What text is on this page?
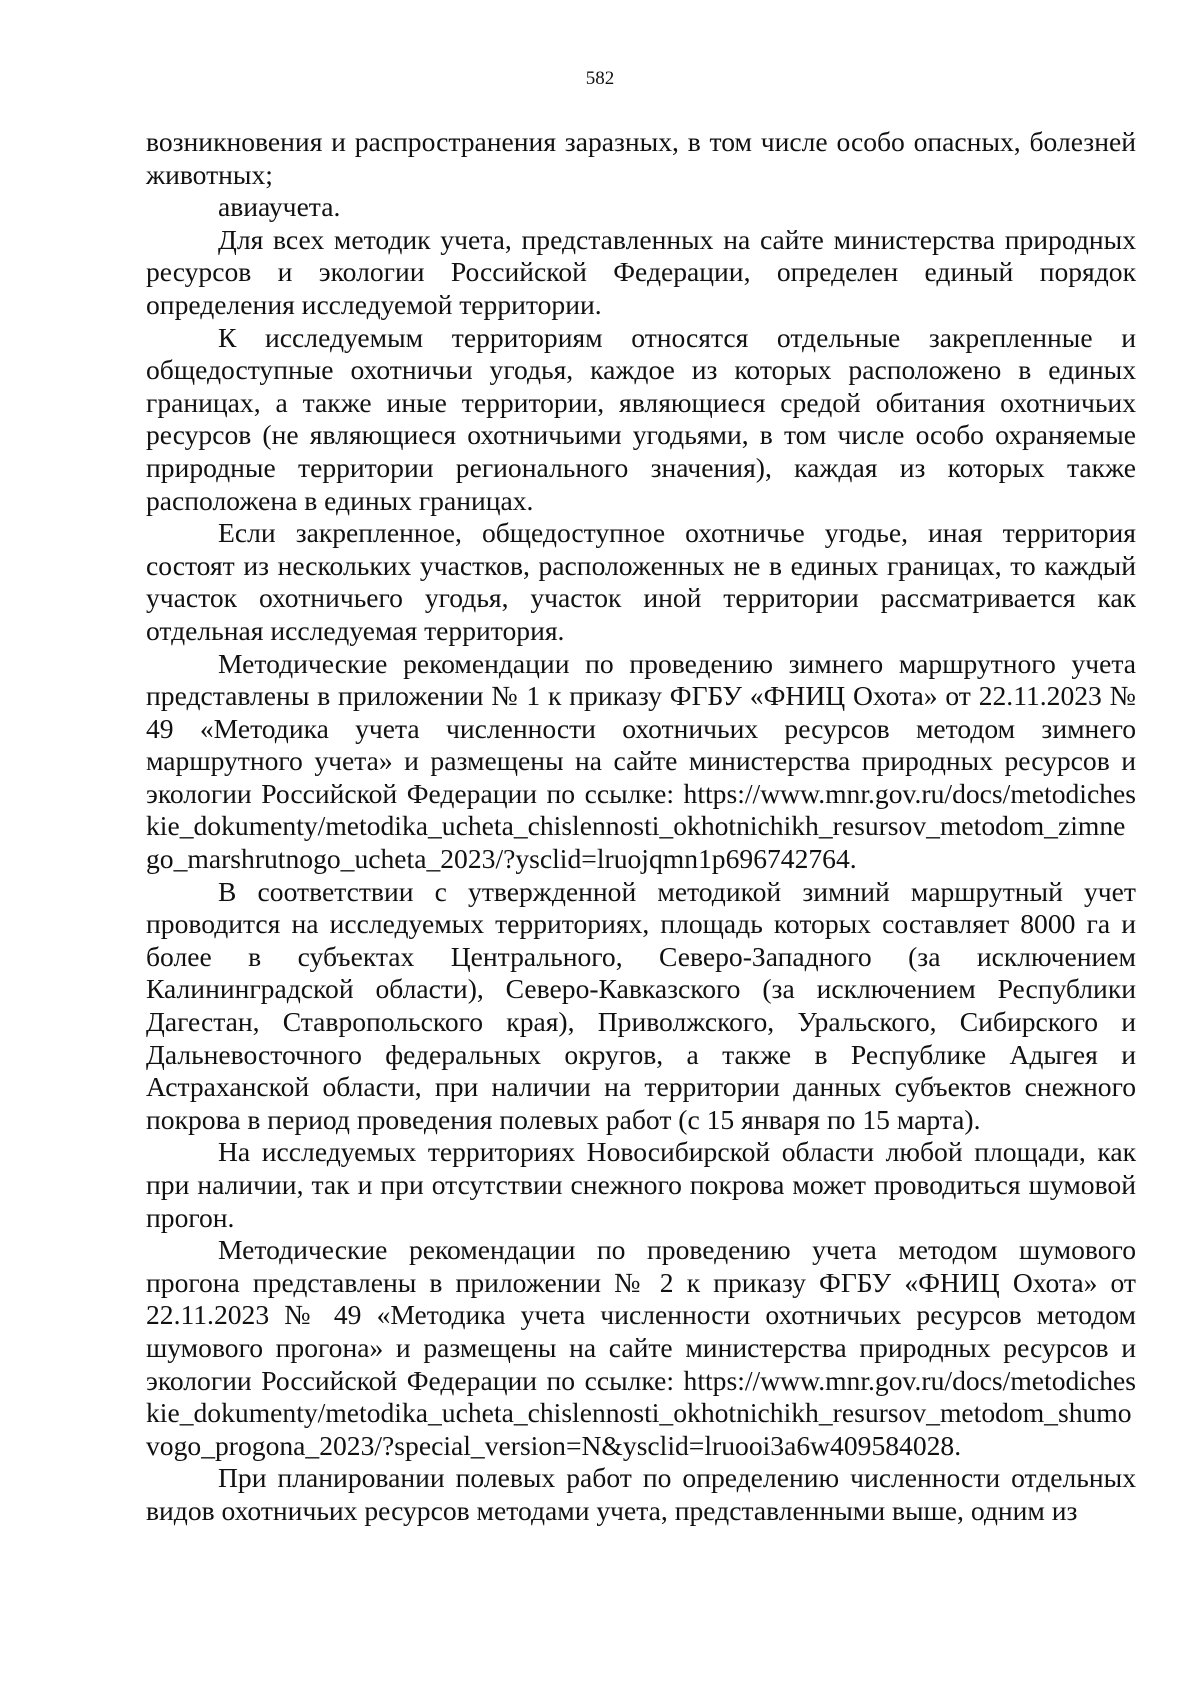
582

возникновения и распространения заразных, в том числе особо опасных, болезней животных;

авиаучета.

Для всех методик учета, представленных на сайте министерства природных ресурсов и экологии Российской Федерации, определен единый порядок определения исследуемой территории.

К исследуемым территориям относятся отдельные закрепленные и общедоступные охотничьи угодья, каждое из которых расположено в единых границах, а также иные территории, являющиеся средой обитания охотничьих ресурсов (не являющиеся охотничьими угодьями, в том числе особо охраняемые природные территории регионального значения), каждая из которых также расположена в единых границах.

Если закрепленное, общедоступное охотничье угодье, иная территория состоят из нескольких участков, расположенных не в единых границах, то каждый участок охотничьего угодья, участок иной территории рассматривается как отдельная исследуемая территория.

Методические рекомендации по проведению зимнего маршрутного учета представлены в приложении № 1 к приказу ФГБУ «ФНИЦ Охота» от 22.11.2023 № 49 «Методика учета численности охотничьих ресурсов методом зимнего маршрутного учета» и размещены на сайте министерства природных ресурсов и экологии Российской Федерации по ссылке: https://www.mnr.gov.ru/docs/metodicheskie_dokumenty/metodika_ucheta_chislennosti_okhotnichikh_resursov_metodom_zimnego_marshrutnogo_ucheta_2023/?ysclid=lruojqmn1p696742764.

В соответствии с утвержденной методикой зимний маршрутный учет проводится на исследуемых территориях, площадь которых составляет 8000 га и более в субъектах Центрального, Северо-Западного (за исключением Калининградской области), Северо-Кавказского (за исключением Республики Дагестан, Ставропольского края), Приволжского, Уральского, Сибирского и Дальневосточного федеральных округов, а также в Республике Адыгея и Астраханской области, при наличии на территории данных субъектов снежного покрова в период проведения полевых работ (с 15 января по 15 марта).

На исследуемых территориях Новосибирской области любой площади, как при наличии, так и при отсутствии снежного покрова может проводиться шумовой прогон.

Методические рекомендации по проведению учета методом шумового прогона представлены в приложении № 2 к приказу ФГБУ «ФНИЦ Охота» от 22.11.2023 № 49 «Методика учета численности охотничьих ресурсов методом шумового прогона» и размещены на сайте министерства природных ресурсов и экологии Российской Федерации по ссылке: https://www.mnr.gov.ru/docs/metodicheskie_dokumenty/metodika_ucheta_chislennosti_okhotnichikh_resursov_metodom_shumovogo_progona_2023/?special_version=N&ysclid=lruooi3a6w409584028.

При планировании полевых работ по определению численности отдельных видов охотничьих ресурсов методами учета, представленными выше, одним из
